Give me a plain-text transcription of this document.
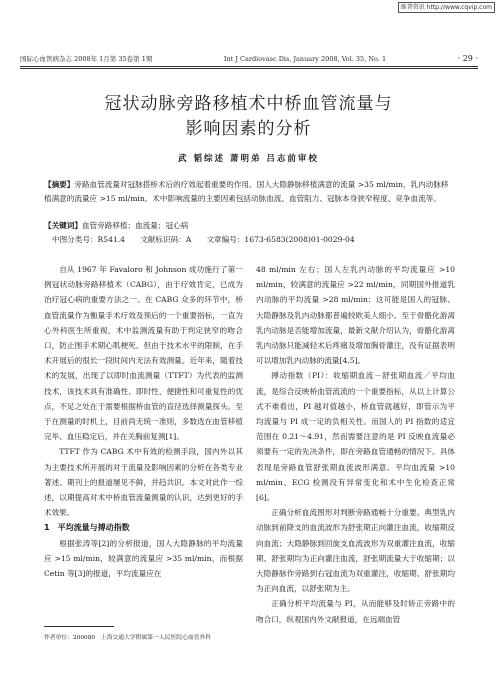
维普资讯 http://www.cqvip.com
国际心血管病杂志 2008年 1月第 35卷第 1期	Int J Cardiovasc Dis, January 2008, Vol. 35, No. 1	· 29 ·
冠状动脉旁路移植术中桥血管流量与
影响因素的分析
武 韬综述 萧明弟 吕志前审校
【摘要】旁路血管流量对冠脉搭桥术后的疗效起着重要的作用。国人大隐静脉移植满意的流量 >35 ml/min，乳内动脉移植满意的流量应 >15 ml/min。术中影响流量的主要因素包括动脉血流、血管阻力、冠脉本身狭窄程度、竞争血流等。
【关键词】血管旁路移植；血流量；冠心病
中图分类号：R541.4　　文献标识码：A　　文章编号：1673-6583(2008)01-0029-04

自从 1967 年 Favaloro 和 Johnson 成功施行了第一例冠状动脉旁路移植术（CABG），由于疗效肯定，已成为治疗冠心病的重要方法之一。在 CABG 众多的环节中，桥血管流量作为衡量手术疗效及预后的一个重要指标，一直为心外科医生所重视，术中监测流量有助于判定狭窄的吻合口，防止围手术期心肌梗死。但由于技术水平的限制，在手术开展后的很长一段时间内无法有效测量。近年来，随着技术的发展，出现了以即时血流测量（TTFT）为代表的监测技术，该技术具有准确性、即时性、便捷性和可重复性的优点，不足之处在于需要根据桥血管的直径选择测量探头。至于在测量的时机上，目前尚无统一准则，多数选在血管移植完毕、血压稳定后，并在关胸前复测[1]。

TTFT 作为 CABG 术中有效的检测手段，国内外以其为主要技术所开展的对于流量及影响因素的分析在各类专业著述、期刊上的报道屡见不鲜，并趋共识。本文对此作一综述，以期提高对术中桥血管流量测量的认识，达到更好的手术效果。

1　平均流量与搏动指数

根据张涛等[2]的分析报道，国人大隐静脉的平均流量应 >15 ml/min，较满意的流量应 >35 ml/min，而根据 Cetin 等[3]的报道，平均流量应在

作者单位：200080　上海交通大学附属第一人民医院心血管外科

48 ml/min 左右；国人左乳内动脉的平均流量应 >10 ml/min，较满意的流量应 >22 ml/min，同期国外报道乳内动脉的平均流量 >28 ml/min；这可能是国人的冠脉、大隐静脉及乳内动脉都普遍较欧美人细小。至于骨骼化游离乳内动脉是否能增加流量，最新文献介绍认为，骨骼化游离乳内动脉只能减轻术后疼痛及增加胸骨灌注，没有证据表明可以增加乳内动脉的流量[4,5]。

搏动指数（PI）：收缩期血流－舒张期血流／平均血流，是综合反映桥血管流流的一个重要指标，从以上计算公式不难看出，PI 越对值越小，桥血管就越好，即管示为平均流量与 PI 成一定的负相关性。而国人的 PI 指数的适宜范围在 0.21～4.91，然而需要注意的是 PI 反映血流量必须要有一定的先决条件，即在旁路血管通畅的情况下。具体表现是旁路血管舒张期血流波形满意、平均血流量 >10 ml/min、ECG 检测没有异常变化和术中生化检查正常[6]。

正确分析血流图形对判断旁路通畅十分重要。典型乳内动脉到前降支的血流波形为舒张期正向灌注血流，收缩期反向血流；大隐静脉到回旋支血流波形为双重灌注血流，收缩期、舒张期均为正向灌注血流，舒张期流量大于收缩期；以大隐静脉作旁路到右冠血流为双重灌注，收缩期、舒张期均为正向血流，以舒张期为主。

正确分析平均流量与 PI，从而能够及时矫正旁路中的吻合口，纵观国内外文献报道，在远端血管
